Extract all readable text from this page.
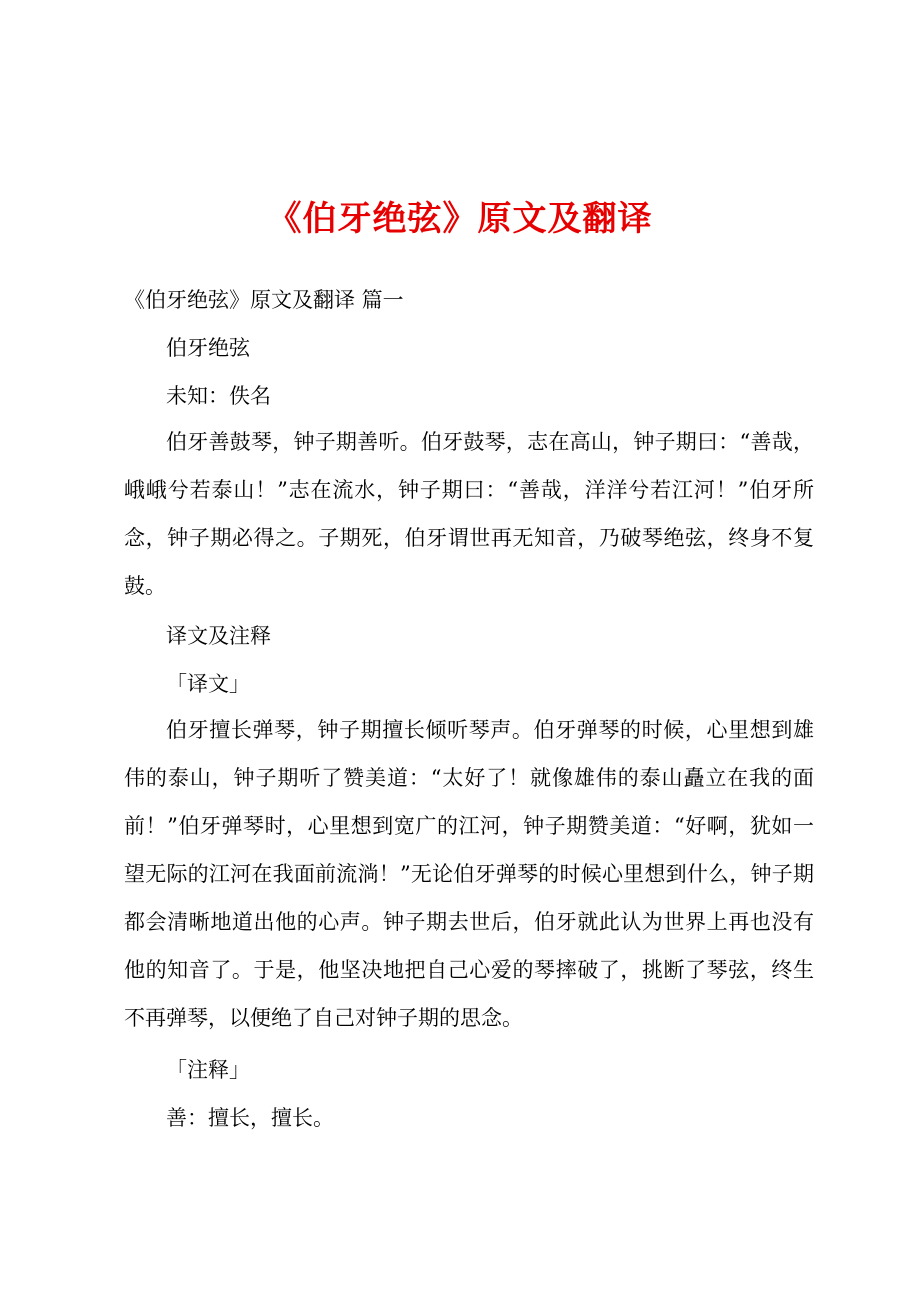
《伯牙绝弦》原文及翻译
《伯牙绝弦》原文及翻译 篇一
伯牙绝弦
未知：佚名

伯牙善鼓琴，钟子期善听。伯牙鼓琴，志在高山，钟子期曰：“善哉，峨峨兮若泰山！”志在流水，钟子期曰：“善哉，洋洋兮若江河！”伯牙所念，钟子期必得之。子期死，伯牙谓世再无知音，乃破琴绝弦，终身不复鼓。

译文及注释
「译文」

伯牙擅长弹琴，钟子期擅长倾听琴声。伯牙弹琴的时候，心里想到雄伟的泰山，钟子期听了赞美道：“太好了！就像雄伟的泰山矗立在我的面前！”伯牙弹琴时，心里想到宽广的江河，钟子期赞美道：“好啊，犹如一望无际的江河在我面前流淌！”无论伯牙弹琴的时候心里想到什么，钟子期都会清晰地道出他的心声。钟子期去世后，伯牙就此认为世界上再也没有他的知音了。于是，他坚决地把自己心爱的琴摔破了，挑断了琴弦，终生不再弹琴，以便绝了自己对钟子期的思念。

「注释」
善：擅长，擅长。
